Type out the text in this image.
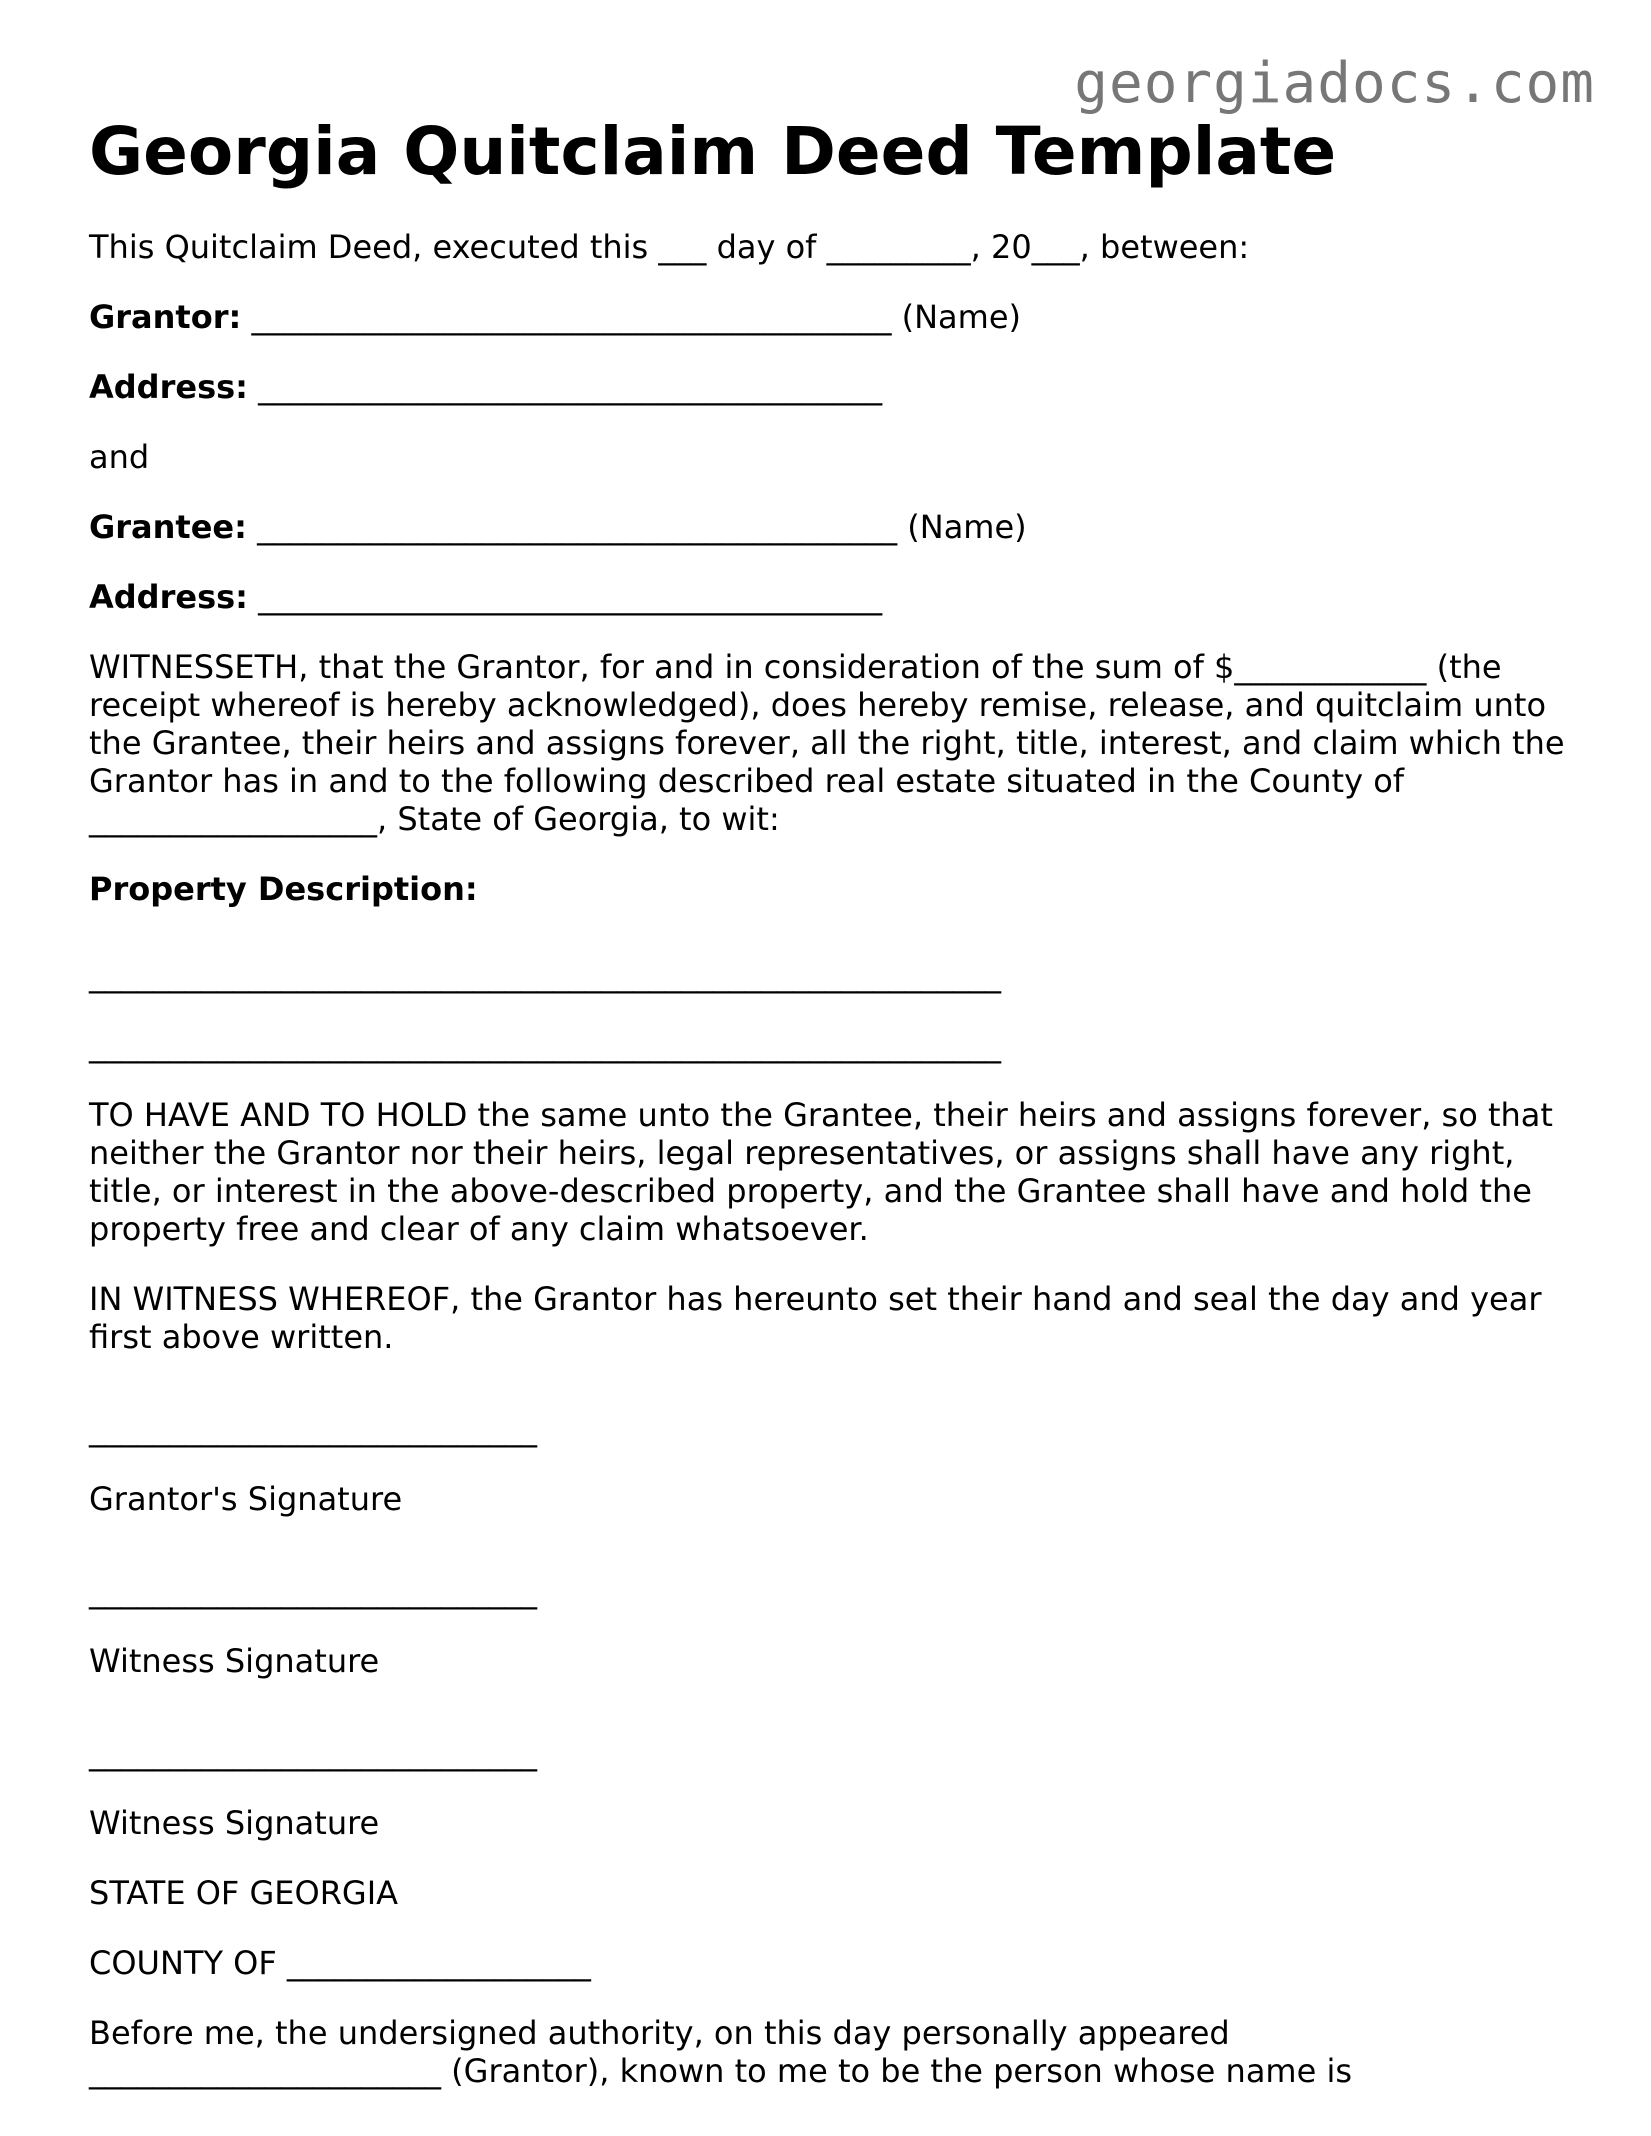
georgiadocs.com
Georgia Quitclaim Deed Template

This Quitclaim Deed, executed this ___ day of _________, 20___, between:

Grantor: ________________________________________ (Name)

Address: _______________________________________

and

Grantee: ________________________________________ (Name)

Address: _______________________________________

WITNESSETH, that the Grantor, for and in consideration of the sum of $____________ (the receipt whereof is hereby acknowledged), does hereby remise, release, and quitclaim unto the Grantee, their heirs and assigns forever, all the right, title, interest, and claim which the Grantor has in and to the following described real estate situated in the County of __________________, State of Georgia, to wit:

Property Description:

_________________________________________________________

_________________________________________________________

TO HAVE AND TO HOLD the same unto the Grantee, their heirs and assigns forever, so that neither the Grantor nor their heirs, legal representatives, or assigns shall have any right, title, or interest in the above-described property, and the Grantee shall have and hold the property free and clear of any claim whatsoever.

IN WITNESS WHEREOF, the Grantor has hereunto set their hand and seal the day and year first above written.

____________________________

Grantor's Signature

____________________________

Witness Signature

____________________________

Witness Signature

STATE OF GEORGIA

COUNTY OF ___________________

Before me, the undersigned authority, on this day personally appeared ______________________ (Grantor), known to me to be the person whose name is
